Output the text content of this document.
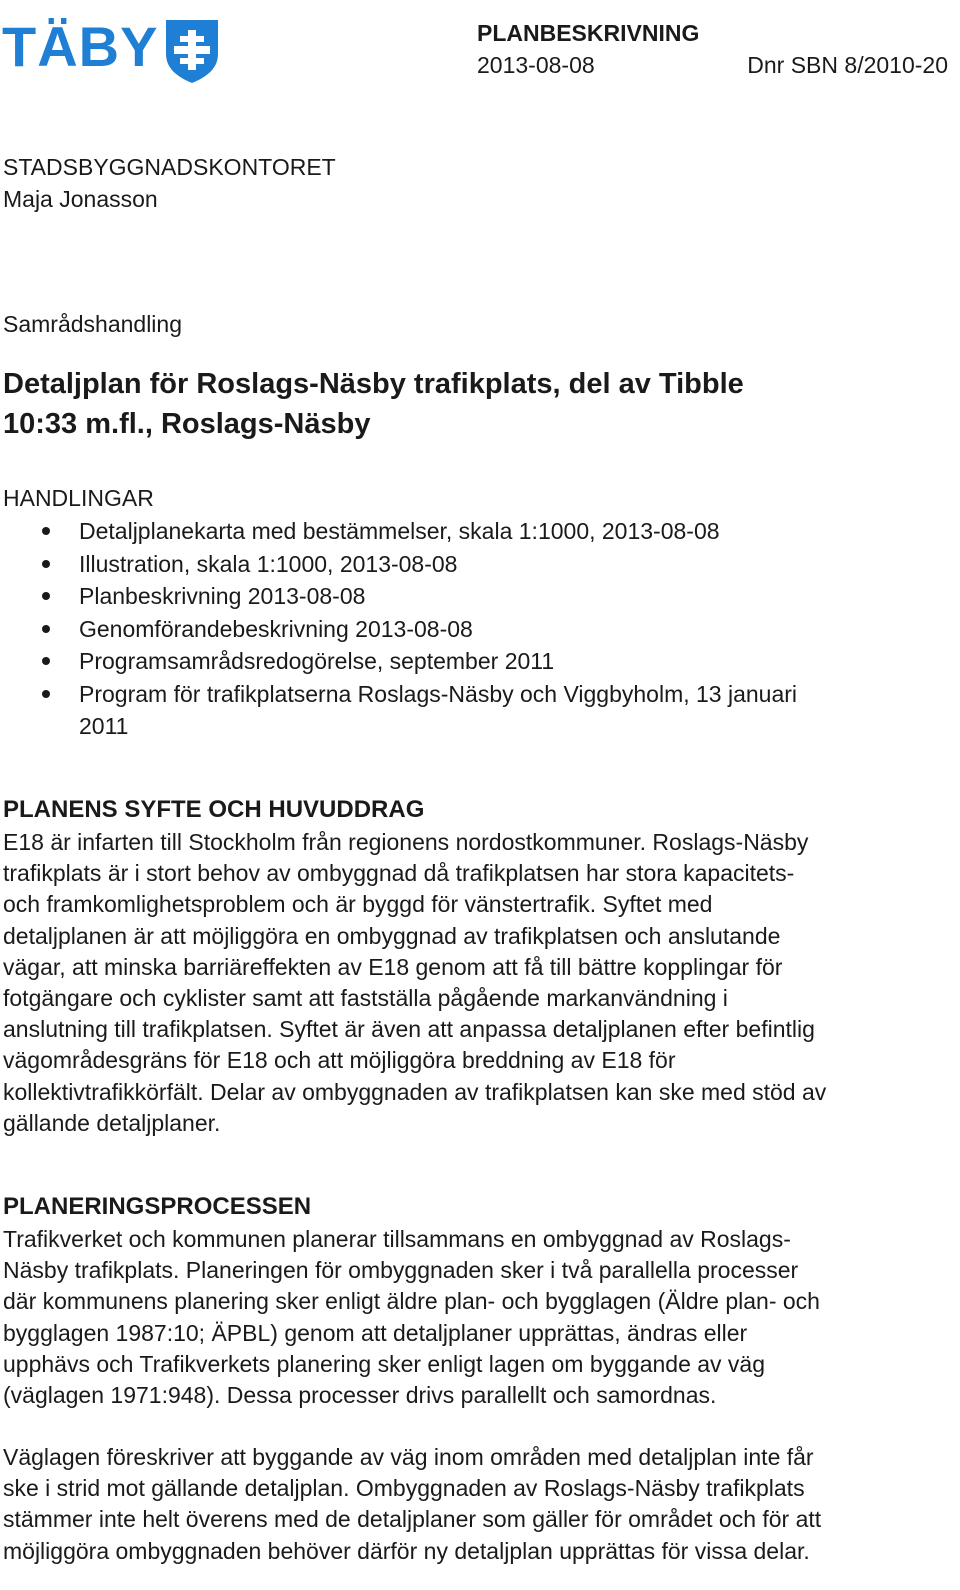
TÄBY	PLANBESKRIVNING
2013-08-08	Dnr SBN 8/2010-20
STADSBYGGNADSKONTORET
Maja Jonasson
Samrådshandling
Detaljplan för Roslags-Näsby trafikplats, del av Tibble
10:33 m.fl., Roslags-Näsby
HANDLINGAR
Detaljplanekarta med bestämmelser, skala 1:1000, 2013-08-08
Illustration, skala 1:1000, 2013-08-08
Planbeskrivning 2013-08-08
Genomförandebeskrivning 2013-08-08
Programsamrådsredogörelse, september 2011
Program för trafikplatserna Roslags-Näsby och Viggbyholm, 13 januari
2011
PLANENS SYFTE OCH HUVUDDRAG
E18 är infarten till Stockholm från regionens nordostkommuner. Roslags-Näsby
trafikplats är i stort behov av ombyggnad då trafikplatsen har stora kapacitets-
och framkomlighetsproblem och är byggd för vänstertrafik. Syftet med
detaljplanen är att möjliggöra en ombyggnad av trafikplatsen och anslutande
vägar, att minska barriäreffekten av E18 genom att få till bättre kopplingar för
fotgängare och cyklister samt att fastställa pågående markanvändning i
anslutning till trafikplatsen. Syftet är även att anpassa detaljplanen efter befintlig
vägområdesgräns för E18 och att möjliggöra breddning av E18 för
kollektivtrafikkörfält. Delar av ombyggnaden av trafikplatsen kan ske med stöd av
gällande detaljplaner.
PLANERINGSPROCESSEN
Trafikverket och kommunen planerar tillsammans en ombyggnad av Roslags-
Näsby trafikplats. Planeringen för ombyggnaden sker i två parallella processer
där kommunens planering sker enligt äldre plan- och bygglagen (Äldre plan- och
bygglagen 1987:10; ÄPBL) genom att detaljplaner upprättas, ändras eller
upphävs och Trafikverkets planering sker enligt lagen om byggande av väg
(väglagen 1971:948). Dessa processer drivs parallellt och samordnas.
Väglagen föreskriver att byggande av väg inom områden med detaljplan inte får
ske i strid mot gällande detaljplan. Ombyggnaden av Roslags-Näsby trafikplats
stämmer inte helt överens med de detaljplaner som gäller för området och för att
möjliggöra ombyggnaden behöver därför ny detaljplan upprättas för vissa delar.
